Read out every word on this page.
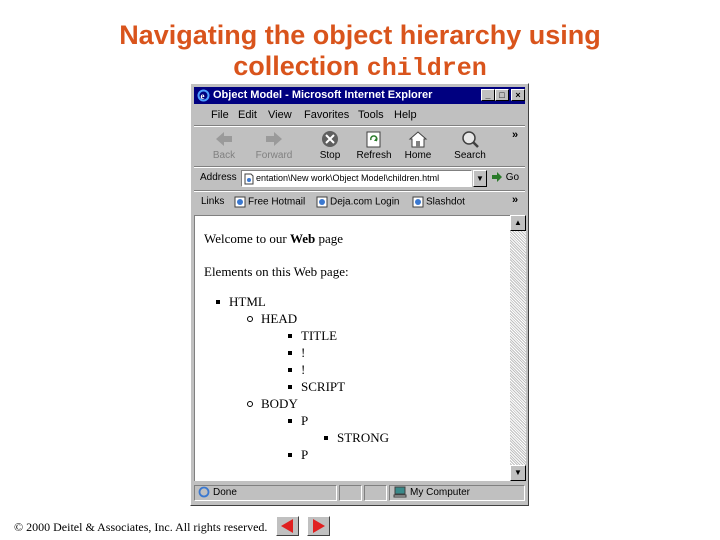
Navigating the object hierarchy using
collection children
e Object Model - Microsoft Internet Explorer	_ □	×
File Edit View Favorites Tools Help
Back	Forward	Stop	Refresh	Home	Search
»
Address	entation\New work\Object Model\children.html	▼	Go
Links	Free Hotmail	Deja.com Login	Slashdot	»
Welcome to our Web page
Elements on this Web page:
HTML
HEAD
TITLE
!
!
SCRIPT
BODY
P
STRONG
P
▲
▼
Done	My Computer
© 2000 Deitel & Associates, Inc. All rights reserved.
